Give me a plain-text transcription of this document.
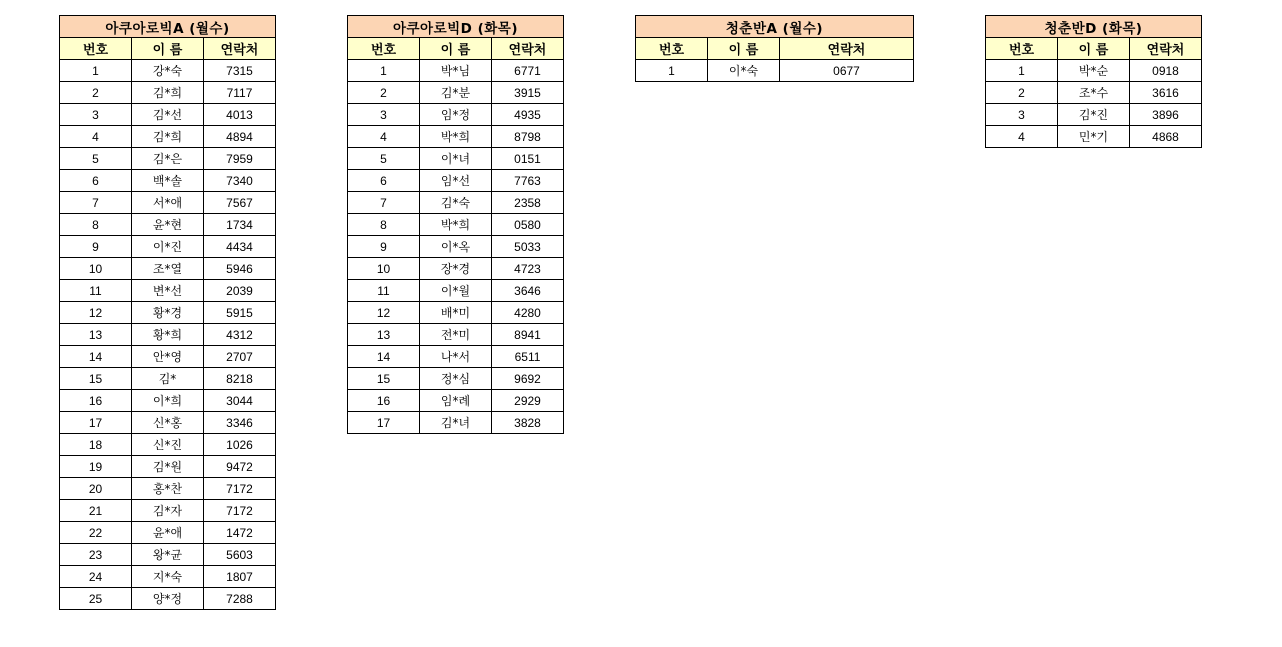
아쿠아로빅A (월수)		
번호	이 름	연락처
1	강*숙	7315
2	김*희	7117
3	김*선	4013
4	김*희	4894
5	김*은	7959
6	백*솔	7340
7	서*애	7567
8	윤*현	1734
9	이*진	4434
10	조*열	5946
11	변*선	2039
12	황*경	5915
13	황*희	4312
14	안*영	2707
15	김*	8218
16	이*희	3044
17	신*홍	3346
18	신*진	1026
19	김*원	9472
20	홍*찬	7172
21	김*자	7172
22	윤*애	1472
23	왕*균	5603
24	지*숙	1807
25	양*정	7288
아쿠아로빅D (화목)		
번호	이 름	연락처
1	박*님	6771
2	김*분	3915
3	임*정	4935
4	박*희	8798
5	이*녀	0151
6	임*선	7763
7	김*숙	2358
8	박*희	0580
9	이*옥	5033
10	장*경	4723
11	이*월	3646
12	배*미	4280
13	전*미	8941
14	나*서	6511
15	정*심	9692
16	임*례	2929
17	김*녀	3828
청춘반A (월수)		
번호	이 름	연락처
1	이*숙	0677
청춘반D (화목)		
번호	이 름	연락처
1	박*순	0918
2	조*수	3616
3	김*진	3896
4	민*기	4868
